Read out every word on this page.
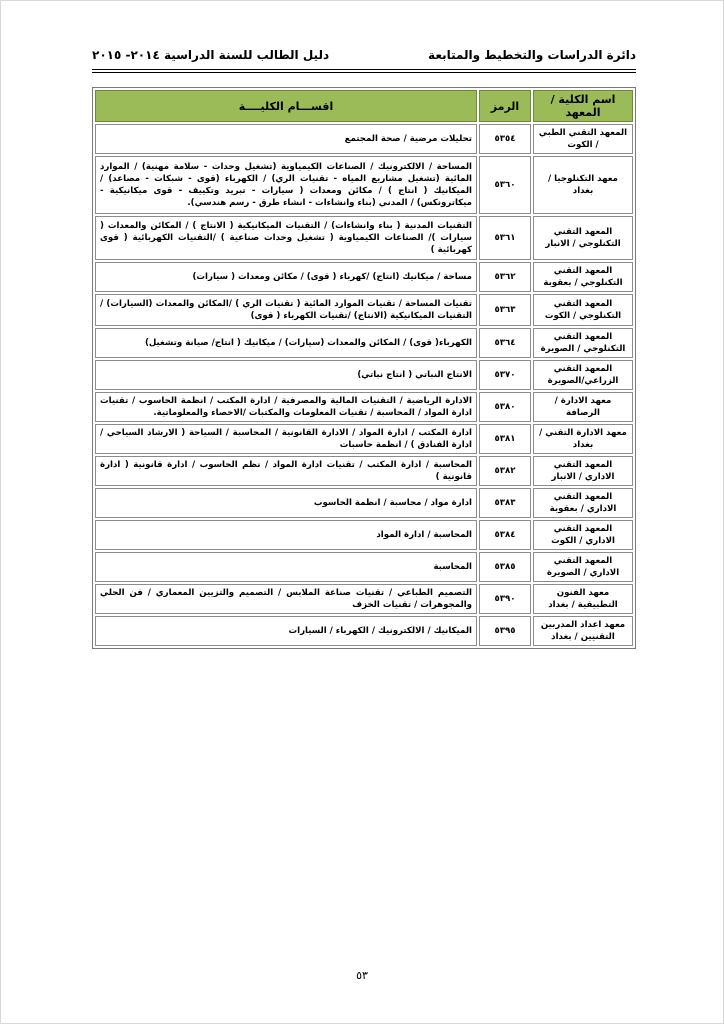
دائرة الدراسات والتخطيط والمتابعة
دليل الطالب للسنة الدراسية ٢٠١٤- ٢٠١٥
اسم الكلية / المعهد	الرمز	اقســـام الكليــــة
المعهد التقني الطبي / الكوت	٥٣٥٤	تحليلات مرضية / صحة المجتمع
معهد التكنلوجيا / بغداد	٥٣٦٠	المساحة / الالكترونيك / الصناعات الكيمياوية (تشغيل وحدات - سلامة مهنية) / الموارد المائية (تشغيل مشاريع المياه - تقنيات الري) / الكهرباء (قوى - شبكات - مصاعد) / الميكانيك ( انتاج ) / مكائن ومعدات ( سيارات - تبريد وتكييف - قوى ميكانيكية - ميكاترونكس) / المدني (بناء وانشاءات - انشاء طرق - رسم هندسي).
المعهد التقني التكنلوجي / الانبار	٥٣٦١	التقنيات المدنية ( بناء وانشاءات) / التقنيات الميكانيكية ( الانتاج ) / المكائن والمعدات ( سيارات )/ الصناعات الكيمياوية ( تشغيل وحدات صناعية ) /التقنيات الكهربائية ( قوى كهربائية )
المعهد التقني التكنلوجي / بعقوبة	٥٣٦٢	مساحة / ميكانيك (انتاج) /كهرباء ( قوى) / مكائن ومعدات ( سيارات)
المعهد التقني التكنلوجي / الكوت	٥٣٦٣	تقنيات المساحة / تقنيات الموارد المائية ( تقنيات الري ) /المكائن والمعدات (السيارات) / التقنيات الميكانيكية (الانتاج) /تقنيات الكهرباء ( قوى)
المعهد التقني التكنلوجي / الصويرة	٥٣٦٤	الكهرباء( قوى) / المكائن والمعدات (سيارات) / ميكانيك ( انتاج/ صيانة وتشغيل)
المعهد التقني الزراعي/الصويرة	٥٣٧٠	الانتاج النباتي ( انتاج نباتي)
معهد الادارة / الرصافة	٥٣٨٠	الادارة الرياضية / التقنيات المالية والمصرفية / ادارة المكتب / انظمة الحاسوب / تقنيات ادارة المواد / المحاسبة / تقنيات المعلومات والمكتبات /الاحصاء والمعلوماتية.
معهد الادارة التقني / بغداد	٥٣٨١	ادارة المكتب / ادارة المواد / الادارة القانونية / المحاسبة / السياحة ( الارشاد السياحي / ادارة الفنادق ) / انظمة حاسبات
المعهد التقني الاداري / الانبار	٥٣٨٢	المحاسبة / ادارة المكتب / تقنيات ادارة المواد / نظم الحاسوب / ادارة قانونية ( ادارة قانونية )
المعهد التقني الاداري / بعقوبة	٥٣٨٣	ادارة مواد / محاسبة / انظمة الحاسوب
المعهد التقني الاداري / الكوت	٥٣٨٤	المحاسبة / ادارة المواد
المعهد التقني الاداري / الصويرة	٥٣٨٥	المحاسبة
معهد الفنون التطبيقية / بغداد	٥٣٩٠	التصميم الطباعي / تقنيات صناعة الملابس / التصميم والتزيين المعماري / فن الحلي والمجوهرات / تقنيات الخزف
معهد اعداد المدربين التقنيين / بغداد	٥٣٩٥	الميكانيك / الالكترونيك / الكهرباء / السيارات
٥٣
